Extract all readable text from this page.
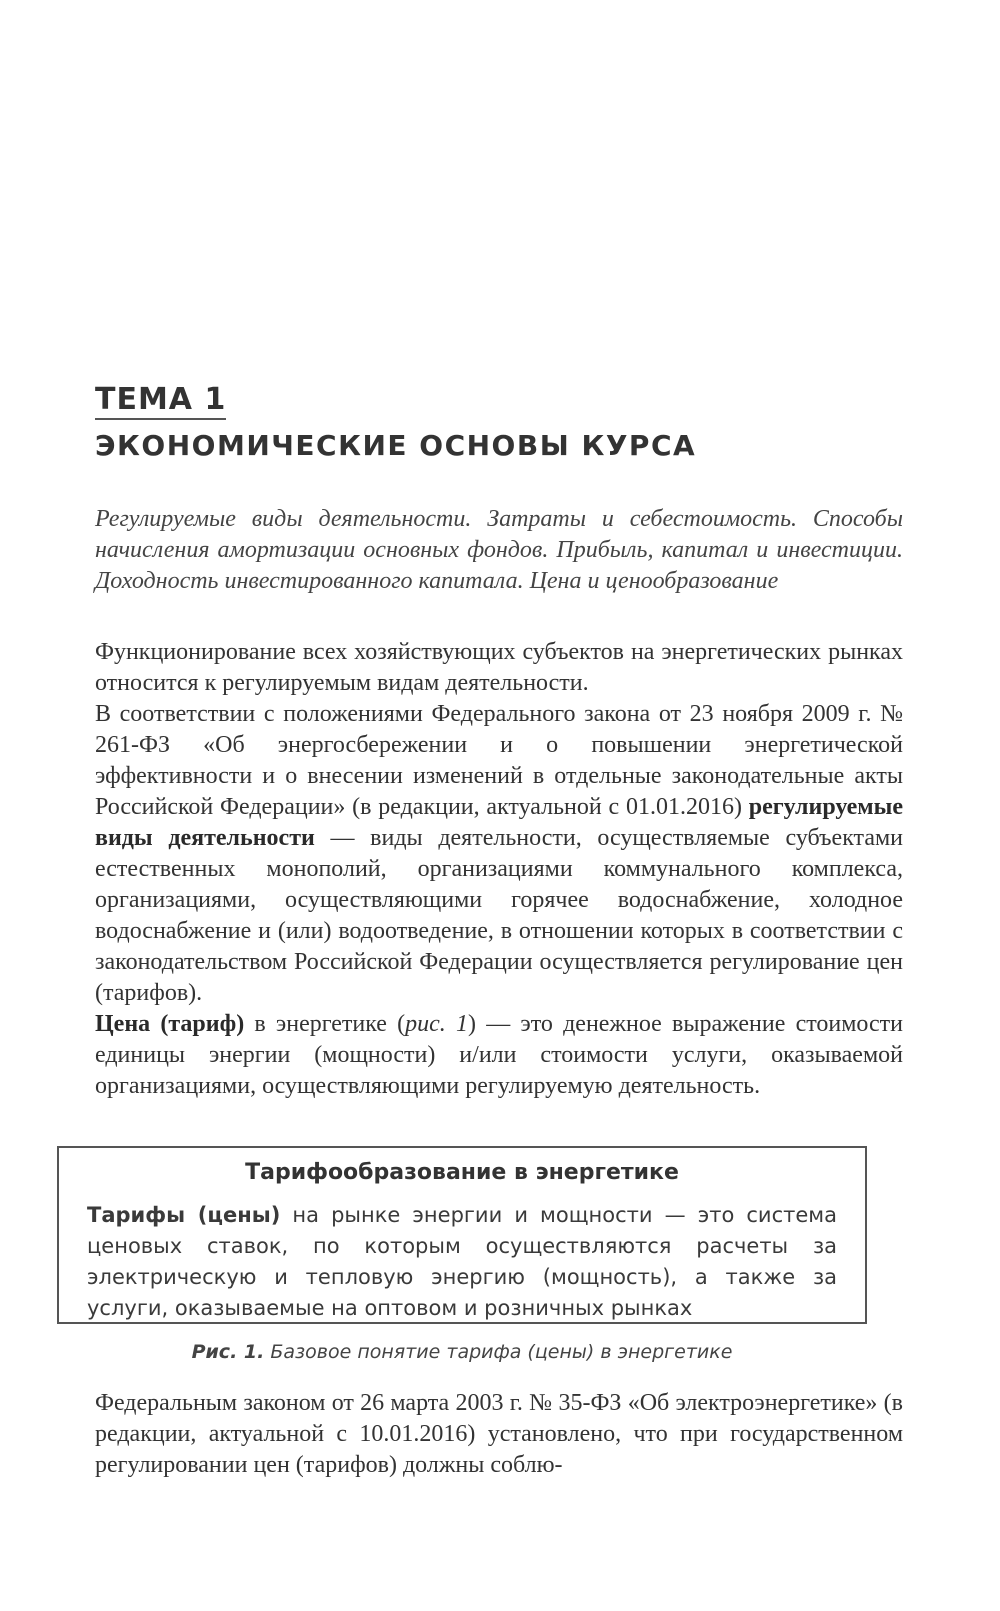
ТЕМА 1
ЭКОНОМИЧЕСКИЕ ОСНОВЫ КУРСА

Регулируемые виды деятельности. Затраты и себестоимость. Способы начисления амортизации основных фондов. Прибыль, капитал и инвестиции. Доходность инвестированного капитала. Цена и ценообразование

Функционирование всех хозяйствующих субъектов на энергетических рынках относится к регулируемым видам деятельности.

В соответствии с положениями Федерального закона от 23 ноября 2009 г. № 261-ФЗ «Об энергосбережении и о повышении энергетической эффективности и о внесении изменений в отдельные законодательные акты Российской Федерации» (в редакции, актуальной с 01.01.2016) регулируемые виды деятельности — виды деятельности, осуществляемые субъектами естественных монополий, организациями коммунального комплекса, организациями, осуществляющими горячее водоснабжение, холодное водоснабжение и (или) водоотведение, в отношении которых в соответствии с законодательством Российской Федерации осуществляется регулирование цен (тарифов).

Цена (тариф) в энергетике (рис. 1) — это денежное выражение стоимости единицы энергии (мощности) и/или стоимости услуги, оказываемой организациями, осуществляющими регулируемую деятельность.

Тарифообразование в энергетике

Тарифы (цены) на рынке энергии и мощности — это система ценовых ставок, по которым осуществляются расчеты за электрическую и тепловую энергию (мощность), а также за услуги, оказываемые на оптовом и розничных рынках

Рис. 1. Базовое понятие тарифа (цены) в энергетике

Федеральным законом от 26 марта 2003 г. № 35-ФЗ «Об электроэнергетике» (в редакции, актуальной с 10.01.2016) установлено, что при государственном регулировании цен (тарифов) должны соблю-
